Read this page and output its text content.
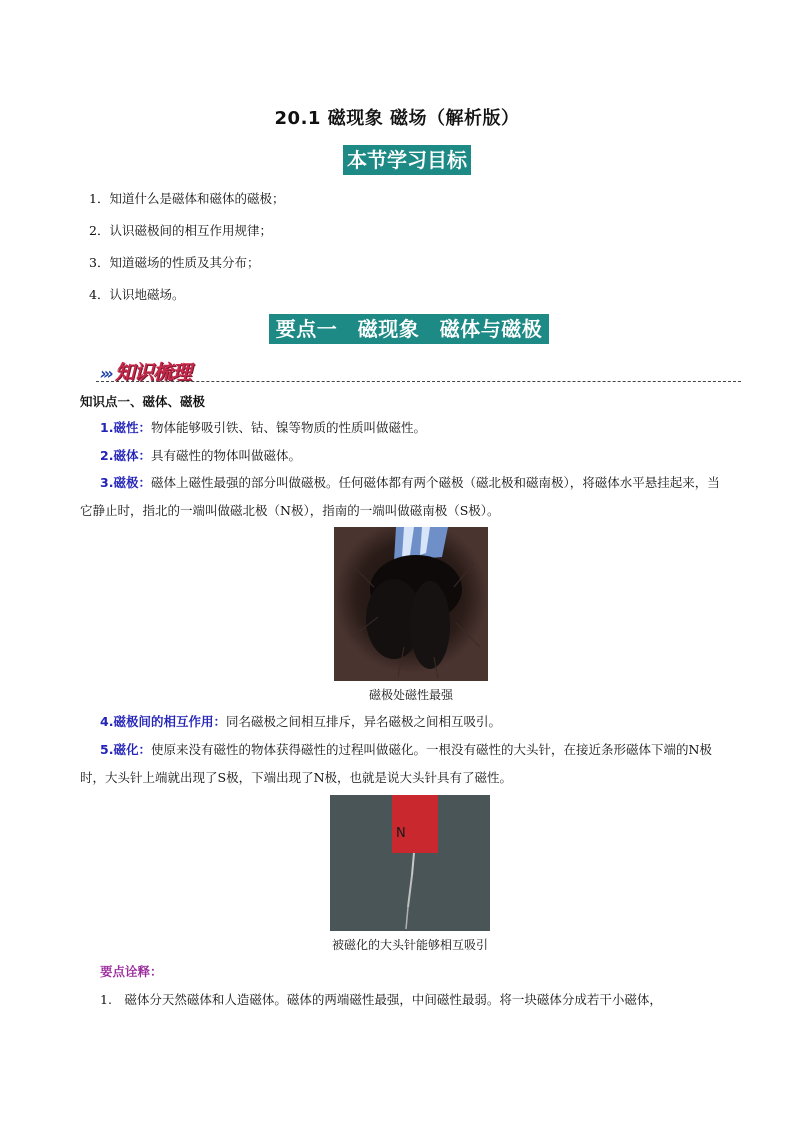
20.1 磁现象 磁场（解析版）
本节学习目标
1．知道什么是磁体和磁体的磁极；
2．认识磁极间的相互作用规律；
3．知道磁场的性质及其分布；
4．认识地磁场。
要点一　磁现象　磁体与磁极
››› 知识梳理
知识点一、磁体、磁极
1.磁性：物体能够吸引铁、钴、镍等物质的性质叫做磁性。
2.磁体：具有磁性的物体叫做磁体。
3.磁极：磁体上磁性最强的部分叫做磁极。任何磁体都有两个磁极（磁北极和磁南极），将磁体水平悬挂起来，当它静止时，指北的一端叫做磁北极（N极），指南的一端叫做磁南极（S极）。
磁极处磁性最强
4.磁极间的相互作用：同名磁极之间相互排斥，异名磁极之间相互吸引。
5.磁化：使原来没有磁性的物体获得磁性的过程叫做磁化。一根没有磁性的大头针，在接近条形磁体下端的N极时，大头针上端就出现了S极，下端出现了N极，也就是说大头针具有了磁性。
N
被磁化的大头针能够相互吸引
要点诠释：
1.　磁体分天然磁体和人造磁体。磁体的两端磁性最强，中间磁性最弱。将一块磁体分成若干小磁体，
